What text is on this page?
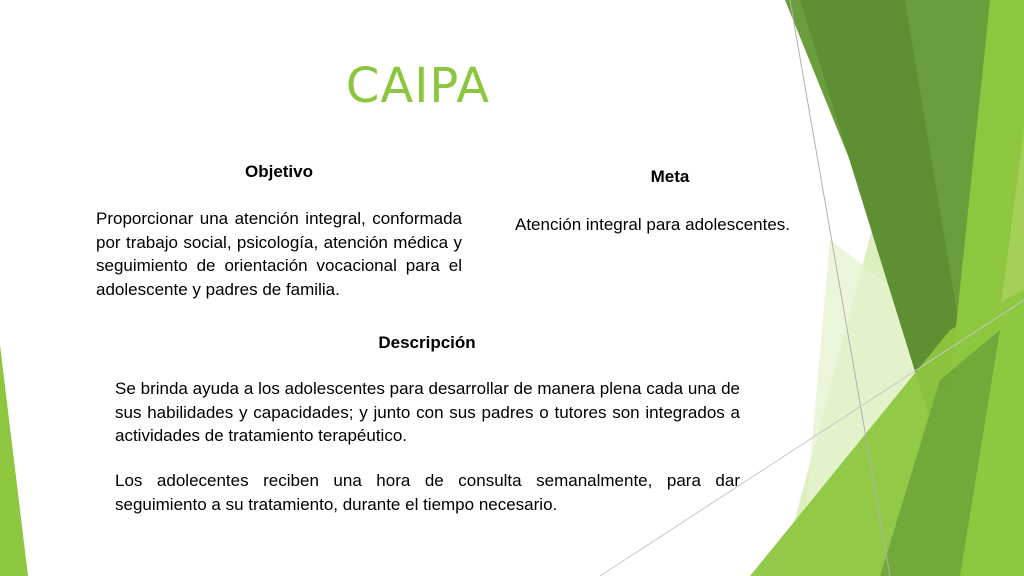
CAIPA

Objetivo

Proporcionar una atención integral, conformada por trabajo social, psicología, atención médica y seguimiento de orientación vocacional para el adolescente y padres de familia.

Meta

Atención integral para adolescentes.

Descripción

Se brinda ayuda a los adolescentes para desarrollar de manera plena cada una de sus habilidades y capacidades; y junto con sus padres o tutores son integrados a actividades de tratamiento terapéutico.

Los adolecentes reciben una hora de consulta semanalmente, para dar seguimiento a su tratamiento, durante el tiempo necesario.
